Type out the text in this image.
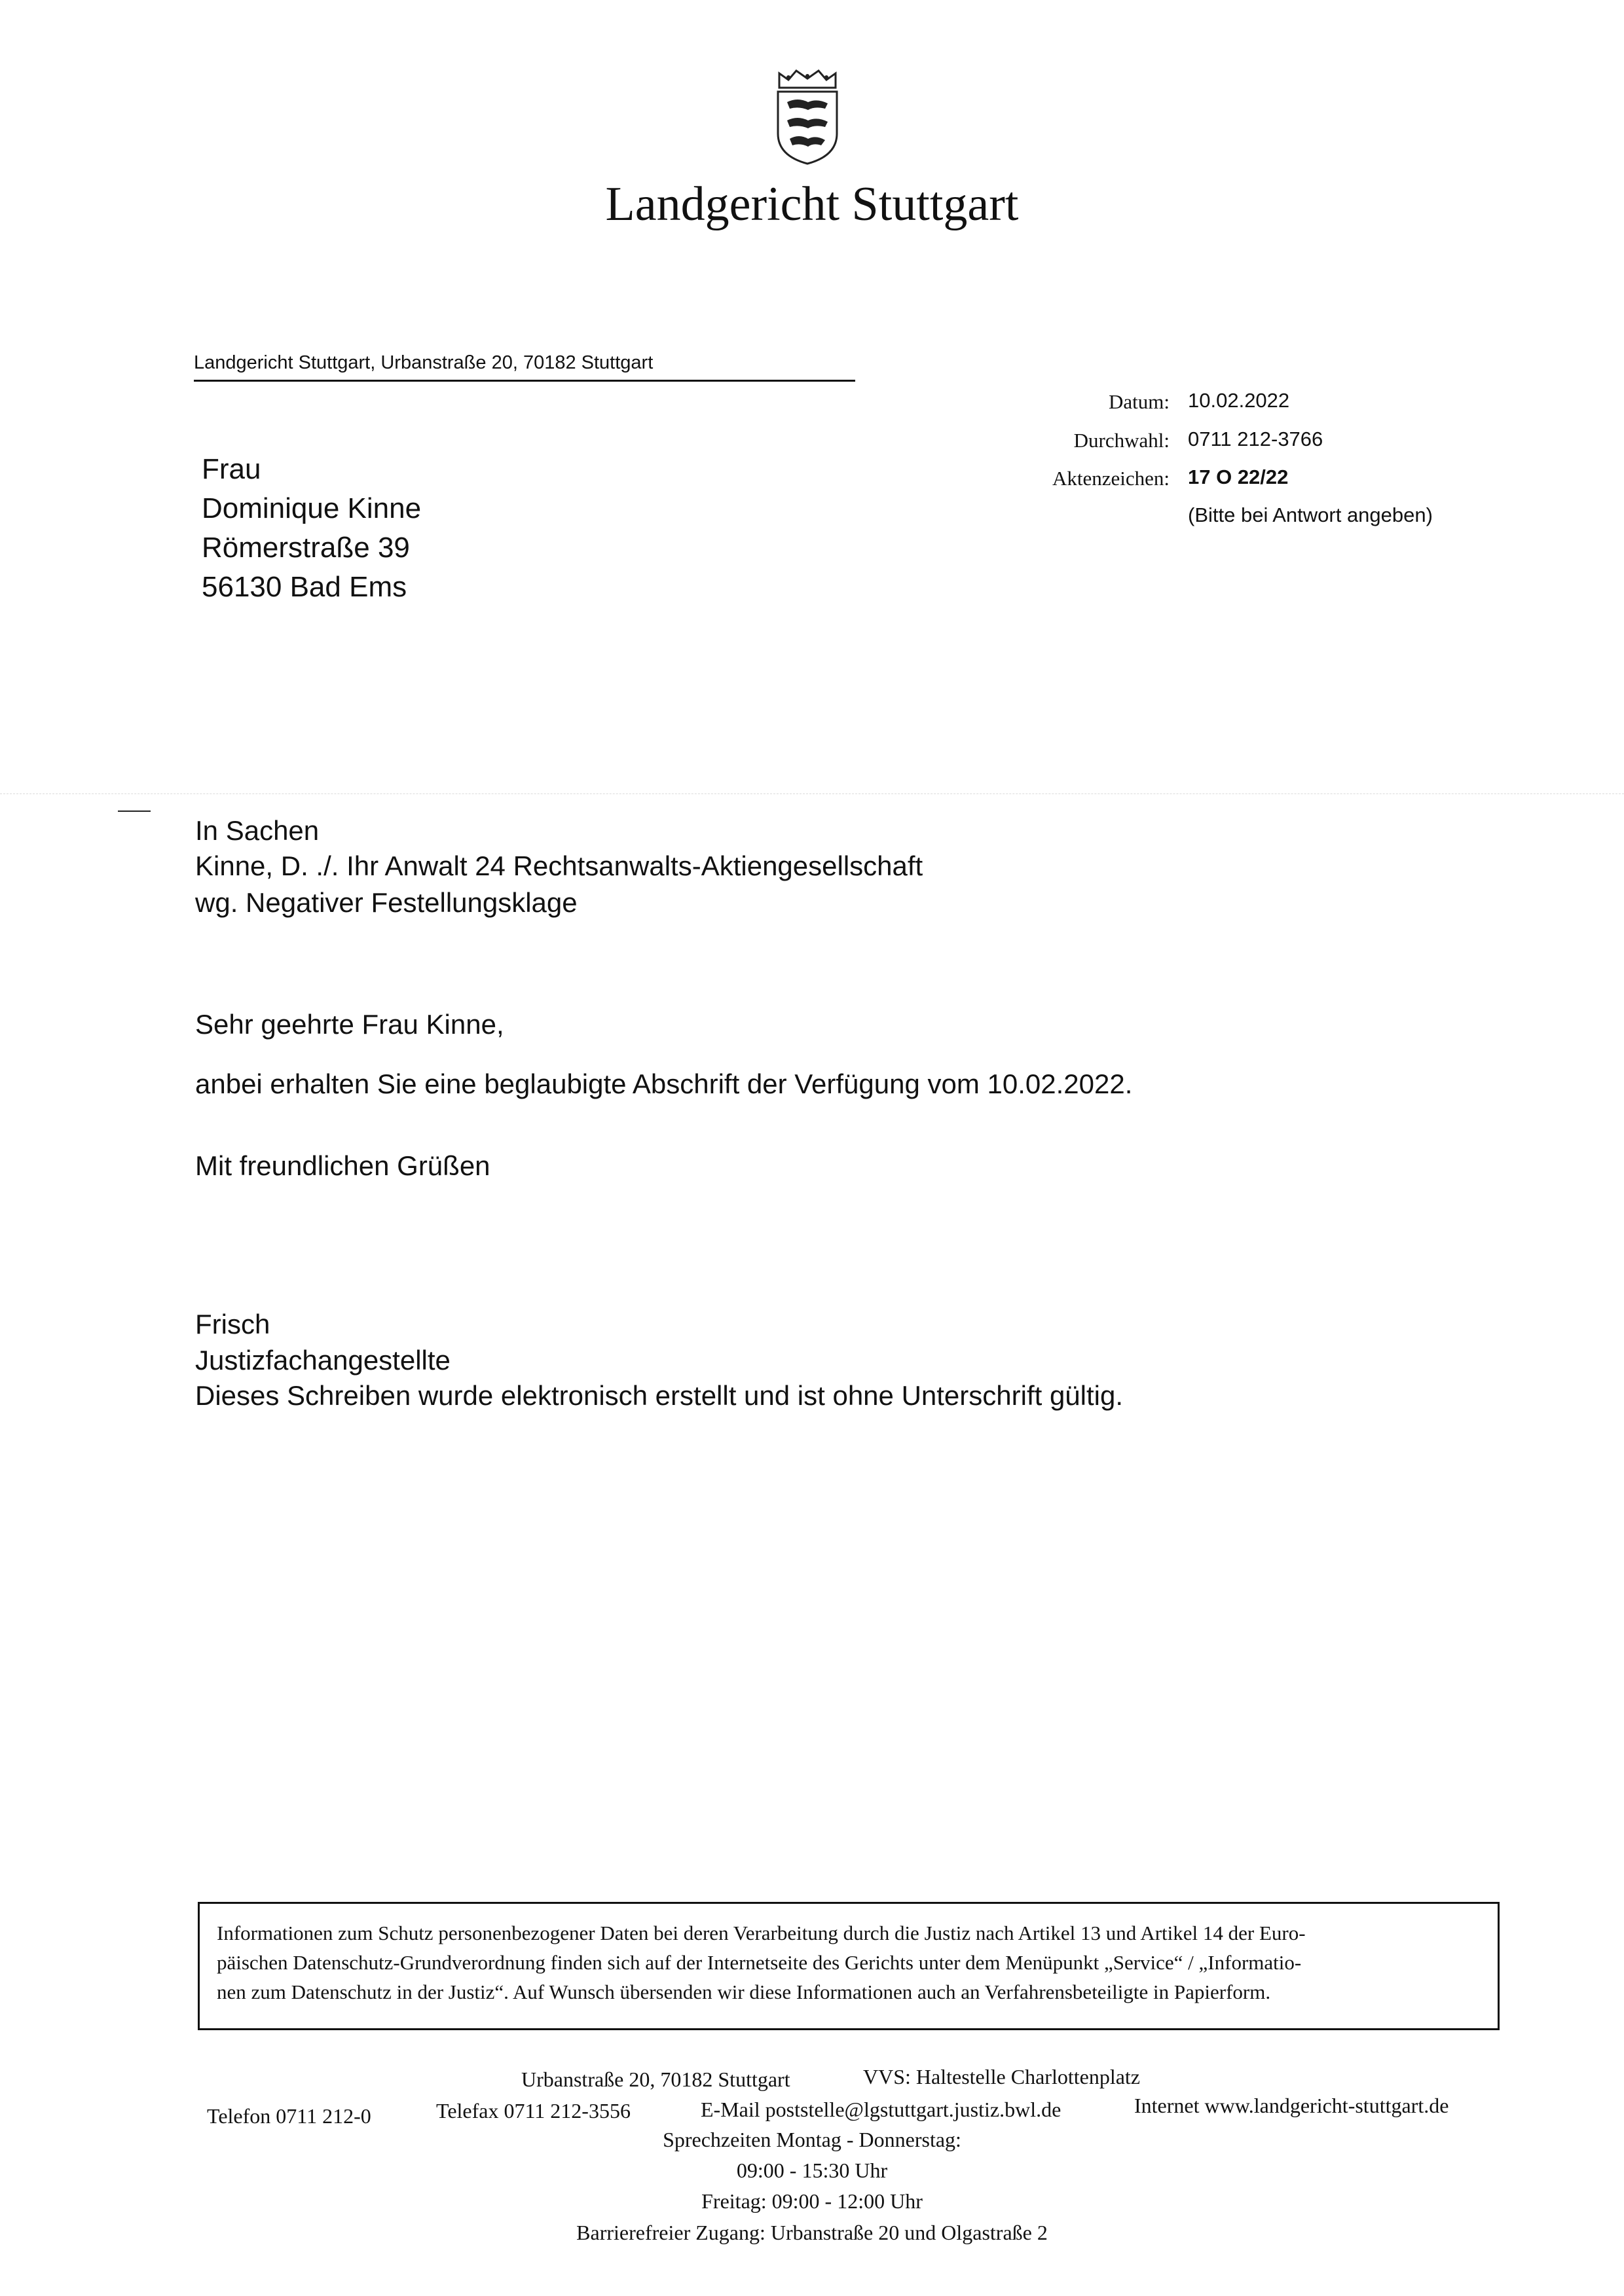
Landgericht Stuttgart
Landgericht Stuttgart, Urbanstraße 20, 70182 Stuttgart
Datum: 10.02.2022
Durchwahl: 0711 212-3766
Aktenzeichen: 17 O 22/22
(Bitte bei Antwort angeben)
Frau
Dominique Kinne
Römerstraße 39
56130 Bad Ems
In Sachen
Kinne, D. ./. Ihr Anwalt 24 Rechtsanwalts-Aktiengesellschaft
wg. Negativer Festellungsklage
Sehr geehrte Frau Kinne,
anbei erhalten Sie eine beglaubigte Abschrift der Verfügung vom 10.02.2022.
Mit freundlichen Grüßen
Frisch
Justizfachangestellte
Dieses Schreiben wurde elektronisch erstellt und ist ohne Unterschrift gültig.
Informationen zum Schutz personenbezogener Daten bei deren Verarbeitung durch die Justiz nach Artikel 13 und Artikel 14 der Euro-
päischen Datenschutz-Grundverordnung finden sich auf der Internetseite des Gerichts unter dem Menüpunkt „Service“ / „Informatio-
nen zum Datenschutz in der Justiz“. Auf Wunsch übersenden wir diese Informationen auch an Verfahrensbeteiligte in Papierform.
Urbanstraße 20, 70182 Stuttgart	VVS: Haltestelle Charlottenplatz
Telefon 0711 212-0	Telefax 0711 212-3556	E-Mail poststelle@lgstuttgart.justiz.bwl.de	Internet www.landgericht-stuttgart.de
Sprechzeiten Montag - Donnerstag:
09:00 - 15:30 Uhr
Freitag: 09:00 - 12:00 Uhr
Barrierefreier Zugang: Urbanstraße 20 und Olgastraße 2
